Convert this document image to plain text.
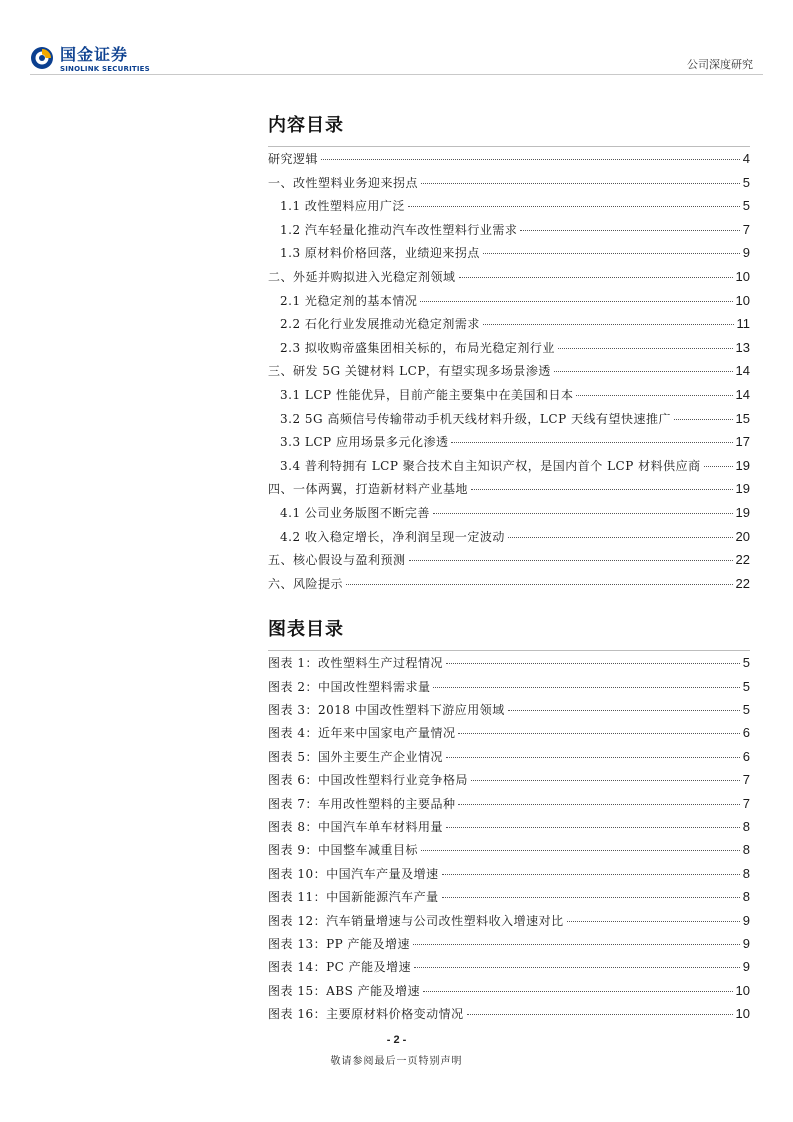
国金证券
SINOLINK SECURITIES	公司深度研究
内容目录
研究逻辑	4
一、改性塑料业务迎来拐点	5
1.1 改性塑料应用广泛	5
1.2 汽车轻量化推动汽车改性塑料行业需求	7
1.3 原材料价格回落，业绩迎来拐点	9
二、外延并购拟进入光稳定剂领域	10
2.1 光稳定剂的基本情况	10
2.2 石化行业发展推动光稳定剂需求	11
2.3 拟收购帝盛集团相关标的，布局光稳定剂行业	13
三、研发 5G 关键材料 LCP，有望实现多场景渗透	14
3.1 LCP 性能优异，目前产能主要集中在美国和日本	14
3.2 5G 高频信号传输带动手机天线材料升级，LCP 天线有望快速推广	15
3.3 LCP 应用场景多元化渗透	17
3.4 普利特拥有 LCP 聚合技术自主知识产权，是国内首个 LCP 材料供应商	19
四、一体两翼，打造新材料产业基地	19
4.1 公司业务版图不断完善	19
4.2 收入稳定增长，净利润呈现一定波动	20
五、核心假设与盈利预测	22
六、风险提示	22
图表目录
图表 1：改性塑料生产过程情况	5
图表 2：中国改性塑料需求量	5
图表 3：2018 中国改性塑料下游应用领域	5
图表 4：近年来中国家电产量情况	6
图表 5：国外主要生产企业情况	6
图表 6：中国改性塑料行业竞争格局	7
图表 7：车用改性塑料的主要品种	7
图表 8：中国汽车单车材料用量	8
图表 9：中国整车减重目标	8
图表 10：中国汽车产量及增速	8
图表 11：中国新能源汽车产量	8
图表 12：汽车销量增速与公司改性塑料收入增速对比	9
图表 13：PP 产能及增速	9
图表 14：PC 产能及增速	9
图表 15：ABS 产能及增速	10
图表 16：主要原材料价格变动情况	10
- 2 -
敬请参阅最后一页特别声明
